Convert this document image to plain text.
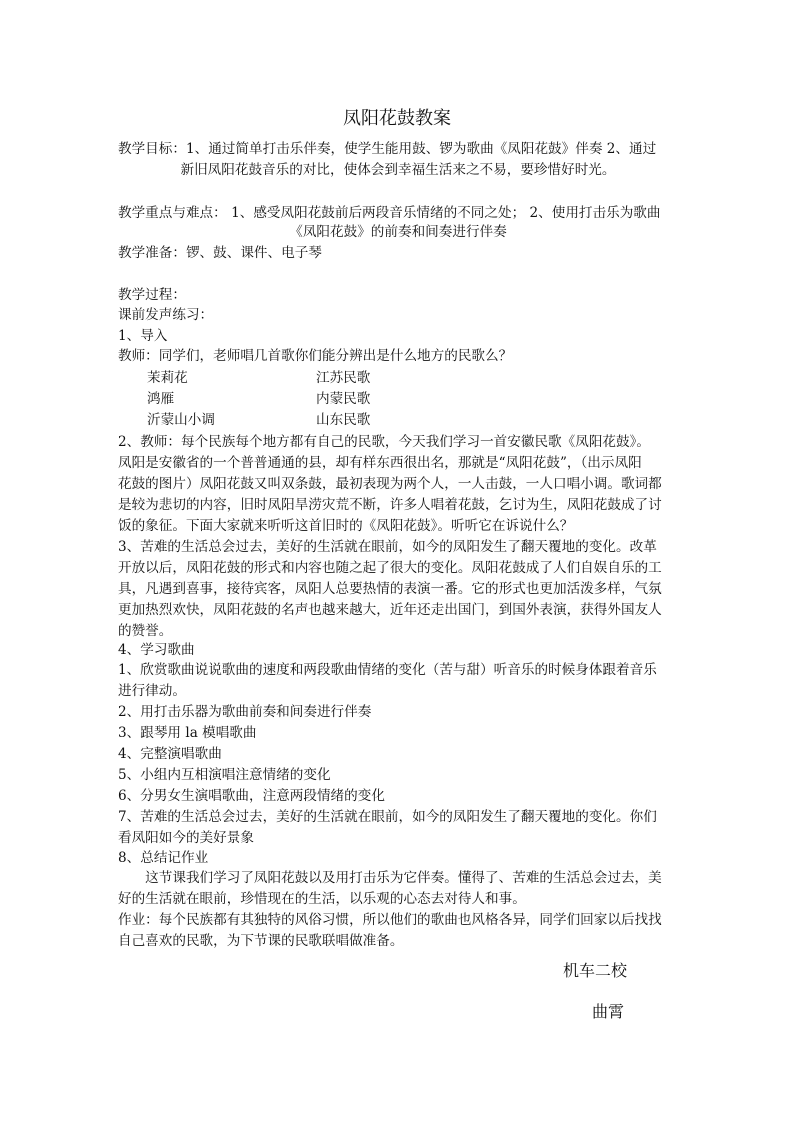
凤阳花鼓教案
教学目标：1、通过简单打击乐伴奏，使学生能用鼓、锣为歌曲《凤阳花鼓》伴奏 2、通过
新旧凤阳花鼓音乐的对比，使体会到幸福生活来之不易，要珍惜好时光。
教学重点与难点： 1、感受凤阳花鼓前后两段音乐情绪的不同之处； 2、使用打击乐为歌曲
《凤阳花鼓》的前奏和间奏进行伴奏
教学准备：锣、鼓、课件、电子琴
教学过程：
课前发声练习：
1、导入
教师：同学们，老师唱几首歌你们能分辨出是什么地方的民歌么？
茉莉花	江苏民歌
鸿雁	内蒙民歌
沂蒙山小调	山东民歌
2、教师：每个民族每个地方都有自己的民歌，今天我们学习一首安徽民歌《凤阳花鼓》。
凤阳是安徽省的一个普普通通的县，却有样东西很出名，那就是“凤阳花鼓”，（出示凤阳
花鼓的图片）凤阳花鼓又叫双条鼓，最初表现为两个人，一人击鼓，一人口唱小调。歌词都
是较为悲切的内容，旧时凤阳旱涝灾荒不断，许多人唱着花鼓，乞讨为生，凤阳花鼓成了讨
饭的象征。下面大家就来听听这首旧时的《凤阳花鼓》。听听它在诉说什么？
3、苦难的生活总会过去，美好的生活就在眼前，如今的凤阳发生了翻天覆地的变化。改革
开放以后，凤阳花鼓的形式和内容也随之起了很大的变化。凤阳花鼓成了人们自娱自乐的工
具，凡遇到喜事，接待宾客，凤阳人总要热情的表演一番。它的形式也更加活泼多样，气氛
更加热烈欢快，凤阳花鼓的名声也越来越大，近年还走出国门，到国外表演，获得外国友人
的赞誉。
4、学习歌曲
1、欣赏歌曲说说歌曲的速度和两段歌曲情绪的变化（苦与甜）听音乐的时候身体跟着音乐
进行律动。
2、用打击乐器为歌曲前奏和间奏进行伴奏
3、跟琴用 la 模唱歌曲
4、完整演唱歌曲
5、小组内互相演唱注意情绪的变化
6、分男女生演唱歌曲，注意两段情绪的变化
7、苦难的生活总会过去，美好的生活就在眼前，如今的凤阳发生了翻天覆地的变化。你们
看凤阳如今的美好景象
8、总结记作业
　　这节课我们学习了凤阳花鼓以及用打击乐为它伴奏。懂得了、苦难的生活总会过去，美
好的生活就在眼前，珍惜现在的生活，以乐观的心态去对待人和事。
作业：每个民族都有其独特的风俗习惯，所以他们的歌曲也风格各异，同学们回家以后找找
自己喜欢的民歌，为下节课的民歌联唱做准备。
机车二校
曲霄
